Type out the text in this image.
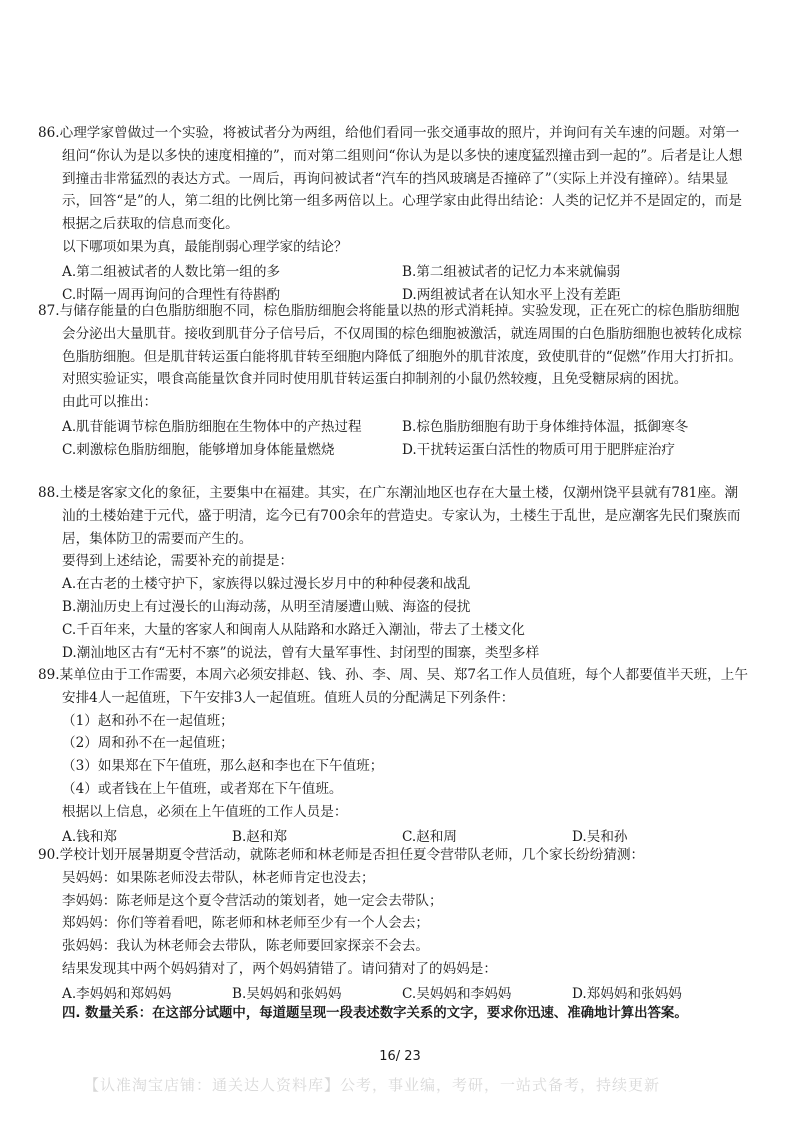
86.心理学家曾做过一个实验，将被试者分为两组，给他们看同一张交通事故的照片，并询问有关车速的问题。对第一组问“你认为是以多快的速度相撞的”，而对第二组则问“你认为是以多快的速度猛烈撞击到一起的”。后者是让人想到撞击非常猛烈的表达方式。一周后，再询问被试者“汽车的挡风玻璃是否撞碎了”（实际上并没有撞碎）。结果显示，回答“是”的人，第二组的比例比第一组多两倍以上。心理学家由此得出结论：人类的记忆并不是固定的，而是根据之后获取的信息而变化。

以下哪项如果为真，最能削弱心理学家的结论？

A.第二组被试者的人数比第一组的多	B.第二组被试者的记忆力本来就偏弱
C.时隔一周再询问的合理性有待斟酌	D.两组被试者在认知水平上没有差距

87.与储存能量的白色脂肪细胞不同，棕色脂肪细胞会将能量以热的形式消耗掉。实验发现，正在死亡的棕色脂肪细胞会分泌出大量肌苷。接收到肌苷分子信号后，不仅周围的棕色细胞被激活，就连周围的白色脂肪细胞也被转化成棕色脂肪细胞。但是肌苷转运蛋白能将肌苷转至细胞内降低了细胞外的肌苷浓度，致使肌苷的“促燃”作用大打折扣。对照实验证实，喂食高能量饮食并同时使用肌苷转运蛋白抑制剂的小鼠仍然较瘦，且免受糖尿病的困扰。

由此可以推出：

A.肌苷能调节棕色脂肪细胞在生物体中的产热过程	B.棕色脂肪细胞有助于身体维持体温，抵御寒冬
C.刺激棕色脂肪细胞，能够增加身体能量燃烧	D.干扰转运蛋白活性的物质可用于肥胖症治疗

88.土楼是客家文化的象征，主要集中在福建。其实，在广东潮汕地区也存在大量土楼，仅潮州饶平县就有781座。潮汕的土楼始建于元代，盛于明清，迄今已有700余年的营造史。专家认为，土楼生于乱世，是应潮客先民们聚族而居，集体防卫的需要而产生的。

要得到上述结论，需要补充的前提是：

A.在古老的土楼守护下，家族得以躲过漫长岁月中的种种侵袭和战乱

B.潮汕历史上有过漫长的山海动荡，从明至清屡遭山贼、海盗的侵扰

C.千百年来，大量的客家人和闽南人从陆路和水路迁入潮汕，带去了土楼文化

D.潮汕地区古有“无村不寨”的说法，曾有大量军事性、封闭型的围寨，类型多样

89.某单位由于工作需要，本周六必须安排赵、钱、孙、李、周、吴、郑7名工作人员值班，每个人都要值半天班，上午安排4人一起值班，下午安排3人一起值班。值班人员的分配满足下列条件：

（1）赵和孙不在一起值班；

（2）周和孙不在一起值班；

（3）如果郑在下午值班，那么赵和李也在下午值班；

（4）或者钱在上午值班，或者郑在下午值班。

根据以上信息，必须在上午值班的工作人员是：

A.钱和郑	B.赵和郑	C.赵和周	D.吴和孙

90.学校计划开展暑期夏令营活动，就陈老师和林老师是否担任夏令营带队老师，几个家长纷纷猜测：

吴妈妈：如果陈老师没去带队，林老师肯定也没去；

李妈妈：陈老师是这个夏令营活动的策划者，她一定会去带队；

郑妈妈：你们等着看吧，陈老师和林老师至少有一个人会去；

张妈妈：我认为林老师会去带队，陈老师要回家探亲不会去。

结果发现其中两个妈妈猜对了，两个妈妈猜错了。请问猜对了的妈妈是：

A.李妈妈和郑妈妈	B.吴妈妈和张妈妈	C.吴妈妈和李妈妈	D.郑妈妈和张妈妈
四. 数量关系：在这部分试题中，每道题呈现一段表述数字关系的文字，要求你迅速、准确地计算出答案。
16/ 23
【认准淘宝店铺：通关达人资料库】公考，事业编，考研，一站式备考，持续更新
